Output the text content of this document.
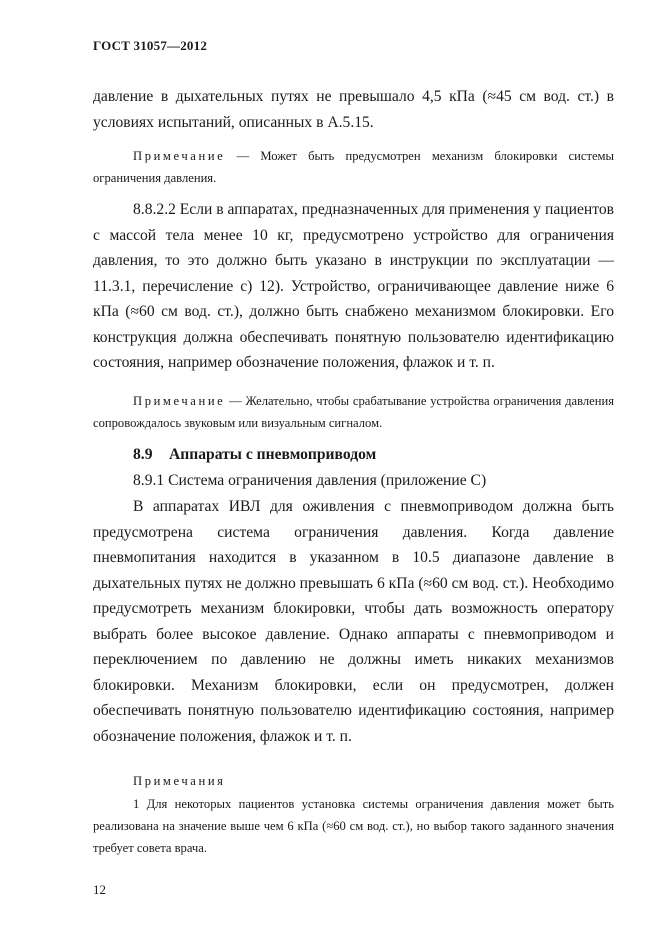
ГОСТ 31057—2012

давление в дыхательных путях не превышало 4,5 кПа (≈45 см вод. ст.) в условиях испытаний, описанных в А.5.15.

Примечание — Может быть предусмотрен механизм блокировки системы ограничения давления.

8.8.2.2 Если в аппаратах, предназначенных для применения у пациентов с массой тела менее 10 кг, предусмотрено устройство для ограничения давления, то это должно быть указано в инструкции по эксплуатации — 11.3.1, перечисление с) 12). Устройство, ограничивающее давление ниже 6 кПа (≈60 см вод. ст.), должно быть снабжено механизмом блокировки. Его конструкция должна обеспечивать понятную пользователю идентификацию состояния, например обозначение положения, флажок и т. п.

Примечание — Желательно, чтобы срабатывание устройства ограничения давления сопровождалось звуковым или визуальным сигналом.

8.9 Аппараты с пневмоприводом

8.9.1 Система ограничения давления (приложение С)

В аппаратах ИВЛ для оживления с пневмоприводом должна быть предусмотрена система ограничения давления. Когда давление пневмопитания находится в указанном в 10.5 диапазоне давление в дыхательных путях не должно превышать 6 кПа (≈60 см вод. ст.). Необходимо предусмотреть механизм блокировки, чтобы дать возможность оператору выбрать более высокое давление. Однако аппараты с пневмоприводом и переключением по давлению не должны иметь никаких механизмов блокировки. Механизм блокировки, если он предусмотрен, должен обеспечивать понятную пользователю идентификацию состояния, например обозначение положения, флажок и т. п.

Примечания

1 Для некоторых пациентов установка системы ограничения давления может быть реализована на значение выше чем 6 кПа (≈60 см вод. ст.), но выбор такого заданного значения требует совета врача.

12
